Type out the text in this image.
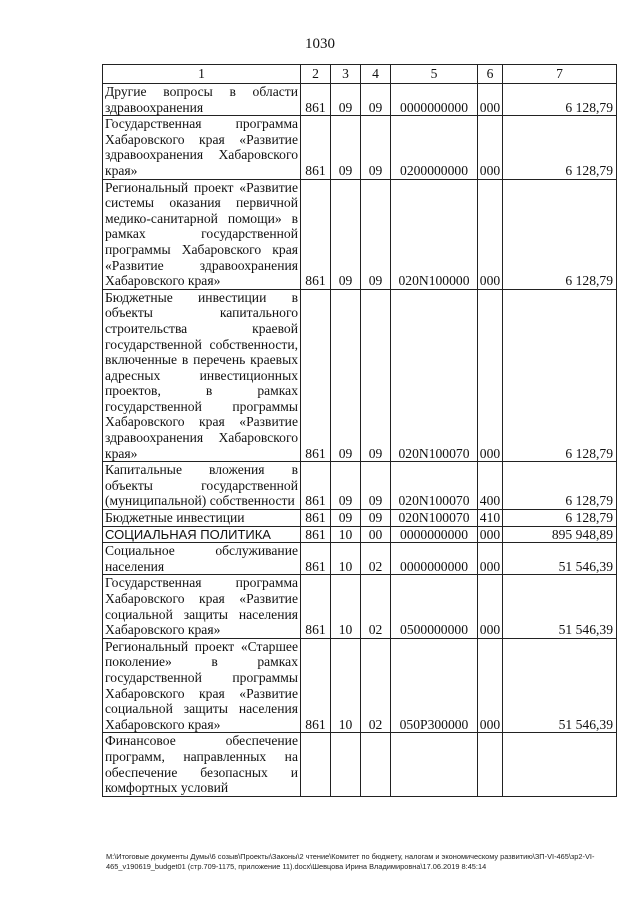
1030
1	2	3	4	5	6	7
Другие вопросы в области здравоохранения	861	09	09	0000000000	000	6 128,79
Государственная программа Хабаровского края «Развитие здравоохранения Хабаровского края»	861	09	09	0200000000	000	6 128,79
Региональный проект «Развитие системы оказания первичной медико-санитарной помощи» в рамках государственной программы Хабаровского края «Развитие здравоохранения Хабаровского края»	861	09	09	020N100000	000	6 128,79
Бюджетные инвестиции в объекты капитального строительства краевой государственной собственности, включенные в перечень краевых адресных инвестиционных проектов, в рамках государственной программы Хабаровского края «Развитие здравоохранения Хабаровского края»	861	09	09	020N100070	000	6 128,79
Капитальные вложения в объекты государственной (муниципальной) собственности	861	09	09	020N100070	400	6 128,79
Бюджетные инвестиции	861	09	09	020N100070	410	6 128,79
СОЦИАЛЬНАЯ ПОЛИТИКА	861	10	00	0000000000	000	895 948,89
Социальное обслуживание населения	861	10	02	0000000000	000	51 546,39
Государственная программа Хабаровского края «Развитие социальной защиты населения Хабаровского края»	861	10	02	0500000000	000	51 546,39
Региональный проект «Старшее поколение» в рамках государственной программы Хабаровского края «Развитие социальной защиты населения Хабаровского края»	861	10	02	050P300000	000	51 546,39
Финансовое обеспечение программ, направленных на обеспечение безопасных и комфортных условий						
M:\Итоговые документы Думы\6 созыв\Проекты\Законы\2 чтение\Комитет по бюджету, налогам и экономическому развитию\ЗП-VI-465\зр2-VI-465_v190619_budget01 (стр.709-1175, приложение 11).docx\Шевцова Ирина Владимировна\17.06.2019 8:45:14
